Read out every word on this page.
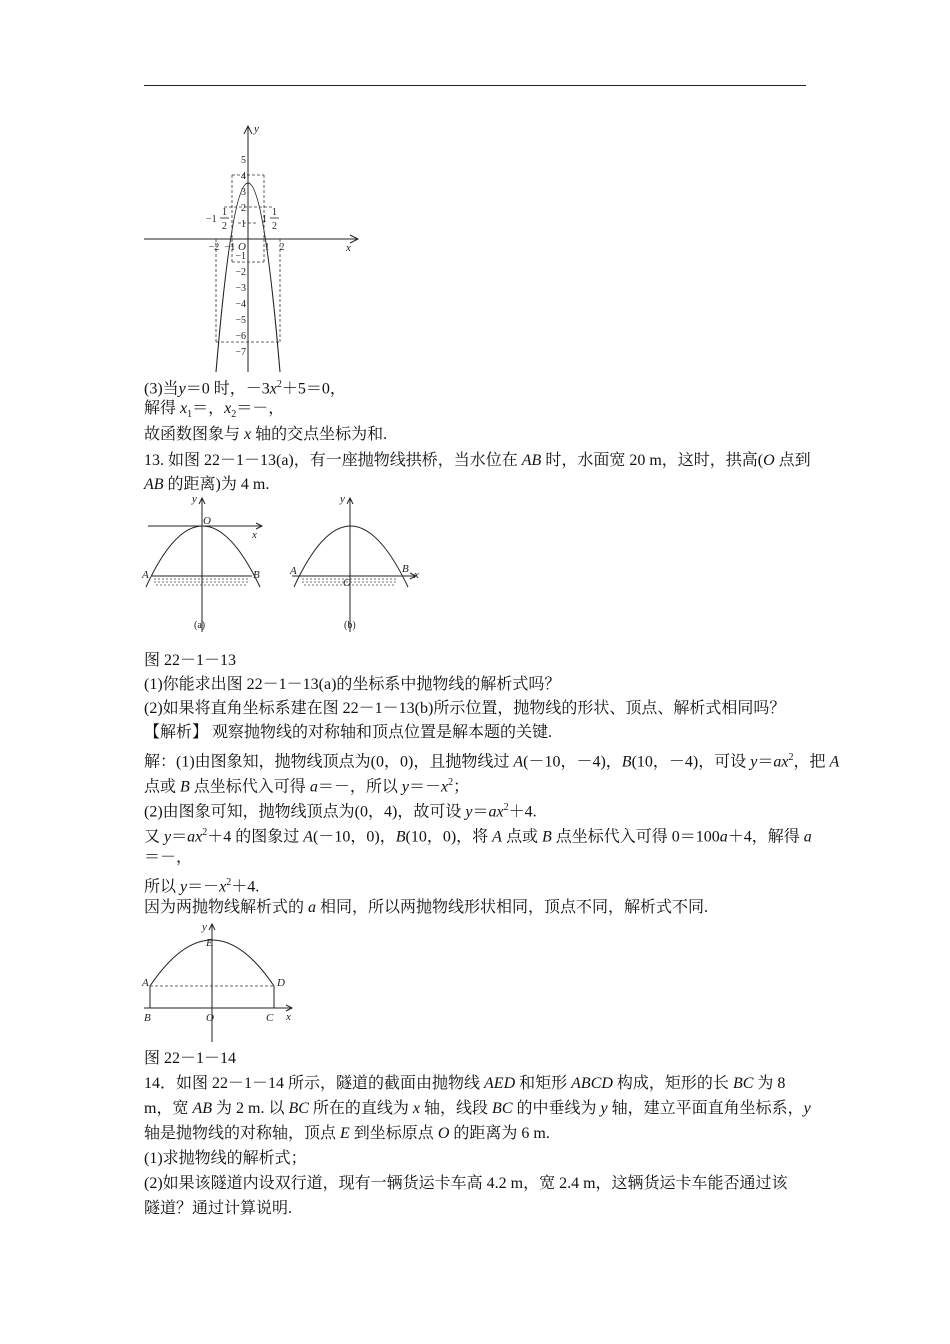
y
x
O
5
4
3
2
1
−1
−2
−3
−4
−5
−6
−7
−2 −1	1 2
−1
1
2
1
1
2
(3)当y＝0 时，$-3x^2+5=0$，
解得 $x_1=$，$x_2=-$，
故函数图象与 x 轴的交点坐标为和.
13. 如图 22－1－13(a)，有一座抛物线拱桥，当水位在 AB 时，水面宽 20 m，这时，拱高(O 点到
AB 的距离)为 4 m.
y
x
O
A	B
(a)
y
x
O
A	B
(b)
图 22－1－13
(1)你能求出图 22－1－13(a)的坐标系中抛物线的解析式吗？
(2)如果将直角坐标系建在图 22－1－13(b)所示位置，抛物线的形状、顶点、解析式相同吗？
【解析】 观察抛物线的对称轴和顶点位置是解本题的关键.
解：(1)由图象知，抛物线顶点为(0，0)，且抛物线过 A(－10，－4)，B(10，－4)，可设 $y=ax^2$，把 A
点或 B 点坐标代入可得 a＝－，所以 $y=-x^2$；
(2)由图象可知，抛物线顶点为(0，4)，故可设 $y=ax^2+4$.
又 $y=ax^2+4$ 的图象过 A(－10，0)，B(10，0)，将 A 点或 B 点坐标代入可得 0＝100a＋4，解得 a
＝－，
所以 $y=-x^2+4$.
因为两抛物线解析式的 a 相同，所以两抛物线形状相同，顶点不同，解析式不同.
y
x
E
A	D
B	O	C
图 22－1－14
14．如图 22－1－14 所示，隧道的截面由抛物线 AED 和矩形 ABCD 构成，矩形的长 BC 为 8
m，宽 AB 为 2 m. 以 BC 所在的直线为 x 轴，线段 BC 的中垂线为 y 轴，建立平面直角坐标系，y
轴是抛物线的对称轴，顶点 E 到坐标原点 O 的距离为 6 m.
(1)求抛物线的解析式；
(2)如果该隧道内设双行道，现有一辆货运卡车高 4.2 m，宽 2.4 m，这辆货运卡车能否通过该
隧道？通过计算说明.
